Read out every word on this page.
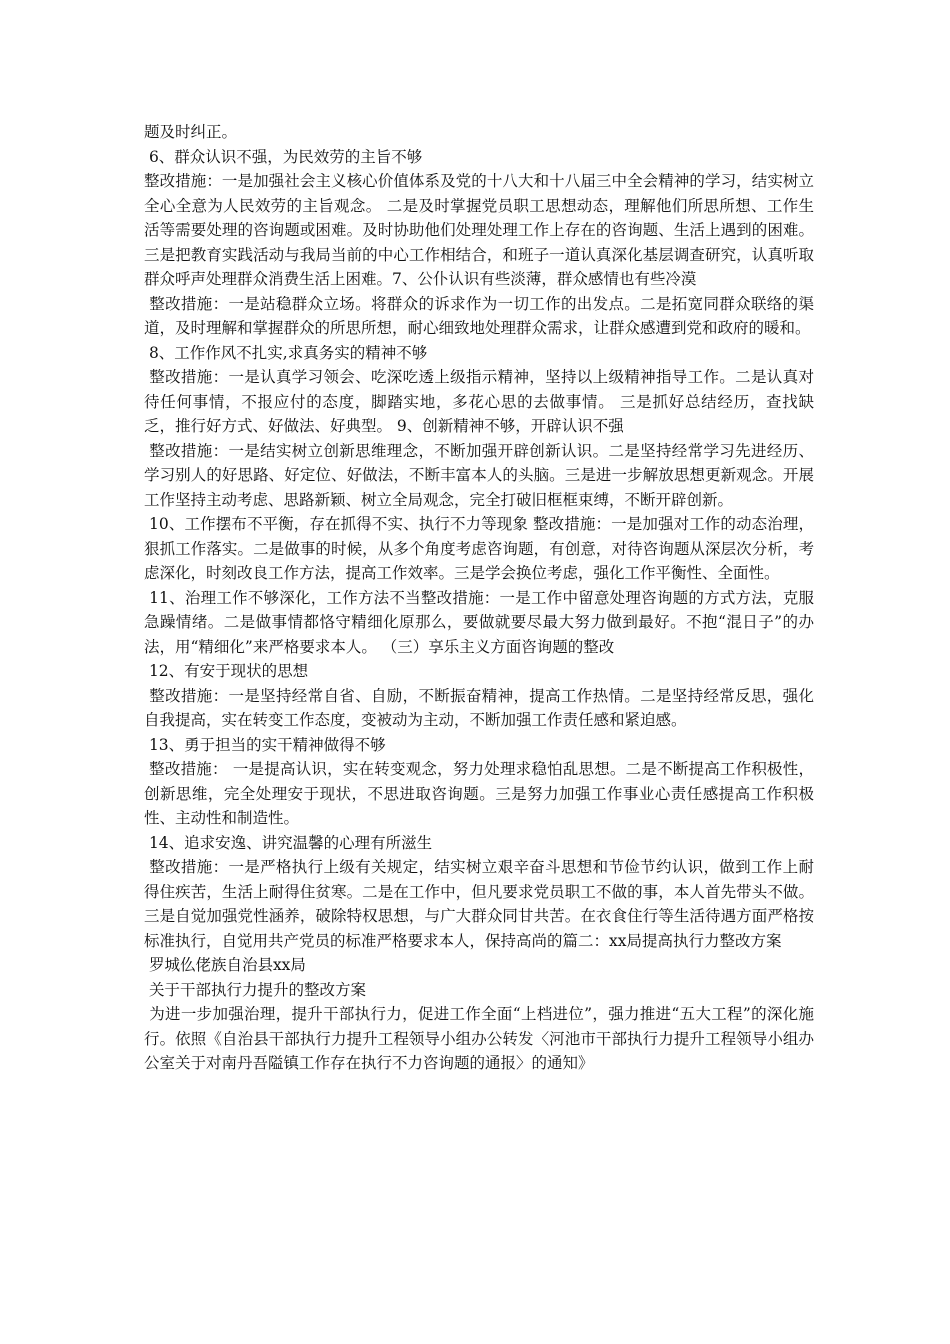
题及时纠正。

6、群众认识不强，为民效劳的主旨不够

整改措施：一是加强社会主义核心价值体系及党的十八大和十八届三中全会精神的学习，结实树立全心全意为人民效劳的主旨观念。 二是及时掌握党员职工思想动态，理解他们所思所想、工作生活等需要处理的咨询题或困难。及时协助他们处理处理工作上存在的咨询题、生活上遇到的困难。三是把教育实践活动与我局当前的中心工作相结合，和班子一道认真深化基层调查研究，认真听取群众呼声处理群众消费生活上困难。7、公仆认识有些淡薄，群众感情也有些冷漠

整改措施：一是站稳群众立场。将群众的诉求作为一切工作的出发点。二是拓宽同群众联络的渠道，及时理解和掌握群众的所思所想，耐心细致地处理群众需求，让群众感遭到党和政府的暖和。

8、工作作风不扎实,求真务实的精神不够

整改措施：一是认真学习领会、吃深吃透上级指示精神，坚持以上级精神指导工作。二是认真对待任何事情，不报应付的态度，脚踏实地，多花心思的去做事情。 三是抓好总结经历，查找缺乏，推行好方式、好做法、好典型。 9、创新精神不够，开辟认识不强

整改措施：一是结实树立创新思维理念，不断加强开辟创新认识。二是坚持经常学习先进经历、学习别人的好思路、好定位、好做法，不断丰富本人的头脑。三是进一步解放思想更新观念。开展工作坚持主动考虑、思路新颖、树立全局观念，完全打破旧框框束缚，不断开辟创新。

10、工作摆布不平衡，存在抓得不实、执行不力等现象 整改措施：一是加强对工作的动态治理，狠抓工作落实。二是做事的时候，从多个角度考虑咨询题，有创意，对待咨询题从深层次分析，考虑深化，时刻改良工作方法，提高工作效率。三是学会换位考虑，强化工作平衡性、全面性。

11、治理工作不够深化，工作方法不当整改措施：一是工作中留意处理咨询题的方式方法，克服急躁情绪。二是做事情都恪守精细化原那么，要做就要尽最大努力做到最好。不抱“混日子”的办法，用“精细化”来严格要求本人。 （三）享乐主义方面咨询题的整改

12、有安于现状的思想

整改措施：一是坚持经常自省、自励，不断振奋精神，提高工作热情。二是坚持经常反思，强化自我提高，实在转变工作态度，变被动为主动，不断加强工作责任感和紧迫感。

13、勇于担当的实干精神做得不够

整改措施： 一是提高认识，实在转变观念，努力处理求稳怕乱思想。二是不断提高工作积极性，创新思维，完全处理安于现状，不思进取咨询题。三是努力加强工作事业心责任感提高工作积极性、主动性和制造性。

14、追求安逸、讲究温馨的心理有所滋生

整改措施：一是严格执行上级有关规定，结实树立艰辛奋斗思想和节俭节约认识，做到工作上耐得住疾苦，生活上耐得住贫寒。二是在工作中，但凡要求党员职工不做的事，本人首先带头不做。三是自觉加强党性涵养，破除特权思想，与广大群众同甘共苦。在衣食住行等生活待遇方面严格按标准执行，自觉用共产党员的标准严格要求本人，保持高尚的篇二：xx局提高执行力整改方案

罗城仫佬族自治县xx局

关于干部执行力提升的整改方案

为进一步加强治理，提升干部执行力，促进工作全面“上档进位”，强力推进“五大工程”的深化施行。依照《自治县干部执行力提升工程领导小组办公转发〈河池市干部执行力提升工程领导小组办公室关于对南丹吾隘镇工作存在执行不力咨询题的通报〉的通知》
